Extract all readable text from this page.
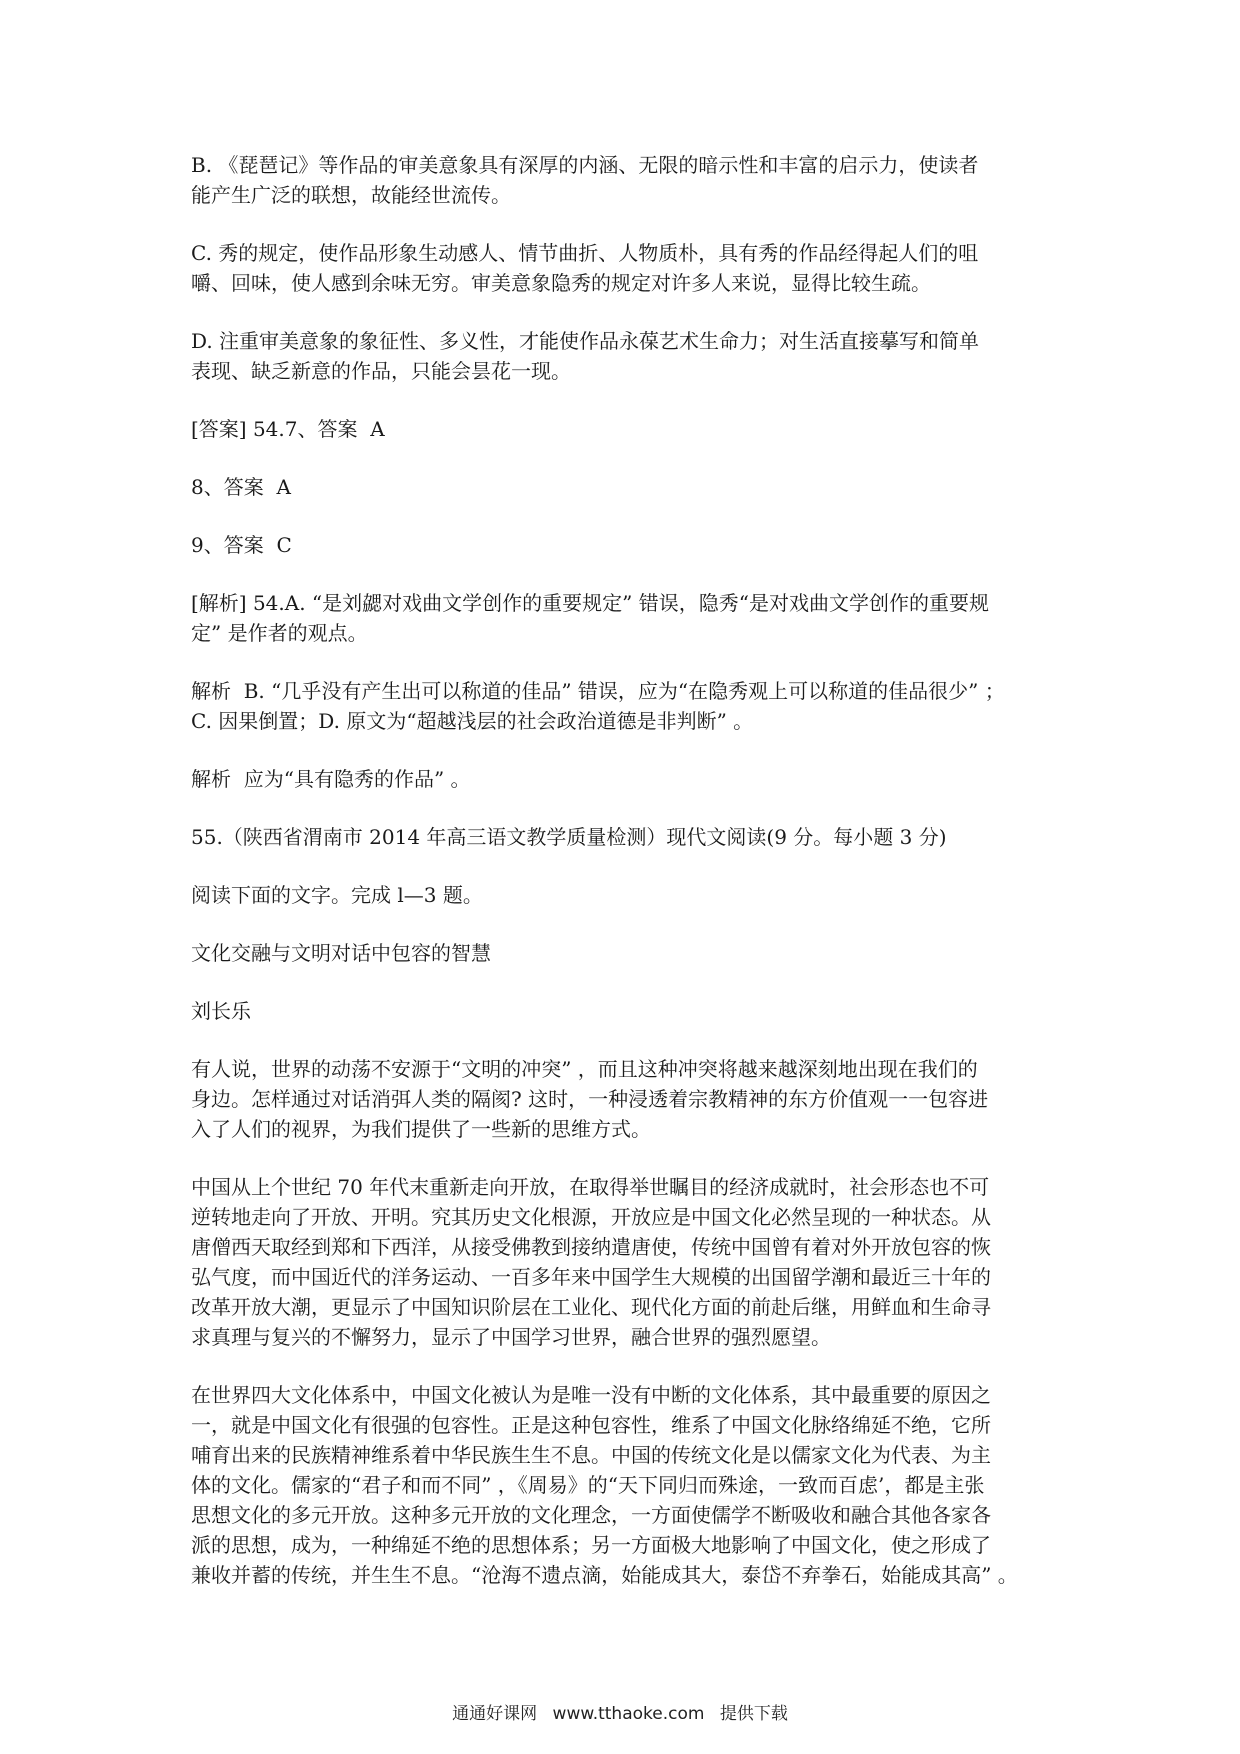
B. 《琵琶记》等作品的审美意象具有深厚的内涵、无限的暗示性和丰富的启示力，使读者
能产生广泛的联想，故能经世流传。

C. 秀的规定，使作品形象生动感人、情节曲折、人物质朴，具有秀的作品经得起人们的咀
嚼、回味，使人感到余味无穷。审美意象隐秀的规定对许多人来说，显得比较生疏。

D. 注重审美意象的象征性、多义性，才能使作品永葆艺术生命力；对生活直接摹写和简单
表现、缺乏新意的作品，只能会昙花一现。

[答案] 54.7、答案  A

8、答案  A

9、答案  C

[解析] 54.A. “是刘勰对戏曲文学创作的重要规定” 错误，隐秀“是对戏曲文学创作的重要规
定” 是作者的观点。

解析  B. “几乎没有产生出可以称道的佳品” 错误，应为“在隐秀观上可以称道的佳品很少” ；
C. 因果倒置；D. 原文为“超越浅层的社会政治道德是非判断” 。

解析  应为“具有隐秀的作品” 。

55.（陕西省渭南市 2014 年高三语文教学质量检测）现代文阅读(9 分。每小题 3 分)

阅读下面的文字。完成 l—3 题。

文化交融与文明对话中包容的智慧

刘长乐

有人说，世界的动荡不安源于“文明的冲突” ，而且这种冲突将越来越深刻地出现在我们的
身边。怎样通过对话消弭人类的隔阂? 这时，一种浸透着宗教精神的东方价值观一一包容进
入了人们的视界，为我们提供了一些新的思维方式。

中国从上个世纪 70 年代末重新走向开放，在取得举世瞩目的经济成就时，社会形态也不可
逆转地走向了开放、开明。究其历史文化根源，开放应是中国文化必然呈现的一种状态。从
唐僧西天取经到郑和下西洋，从接受佛教到接纳遣唐使，传统中国曾有着对外开放包容的恢
弘气度，而中国近代的洋务运动、一百多年来中国学生大规模的出国留学潮和最近三十年的
改革开放大潮，更显示了中国知识阶层在工业化、现代化方面的前赴后继，用鲜血和生命寻
求真理与复兴的不懈努力，显示了中国学习世界，融合世界的强烈愿望。

在世界四大文化体系中，中国文化被认为是唯一没有中断的文化体系，其中最重要的原因之
一，就是中国文化有很强的包容性。正是这种包容性，维系了中国文化脉络绵延不绝，它所
哺育出来的民族精神维系着中华民族生生不息。中国的传统文化是以儒家文化为代表、为主
体的文化。儒家的“君子和而不同” ，《周易》的“天下同归而殊途，一致而百虑’，都是主张
思想文化的多元开放。这种多元开放的文化理念，一方面使儒学不断吸收和融合其他各家各
派的思想，成为，一种绵延不绝的思想体系；另一方面极大地影响了中国文化，使之形成了
兼收并蓄的传统，并生生不息。“沧海不遗点滴，始能成其大，泰岱不弃拳石，始能成其高” 。

通通好课网 www.tthaoke.com 提供下载
